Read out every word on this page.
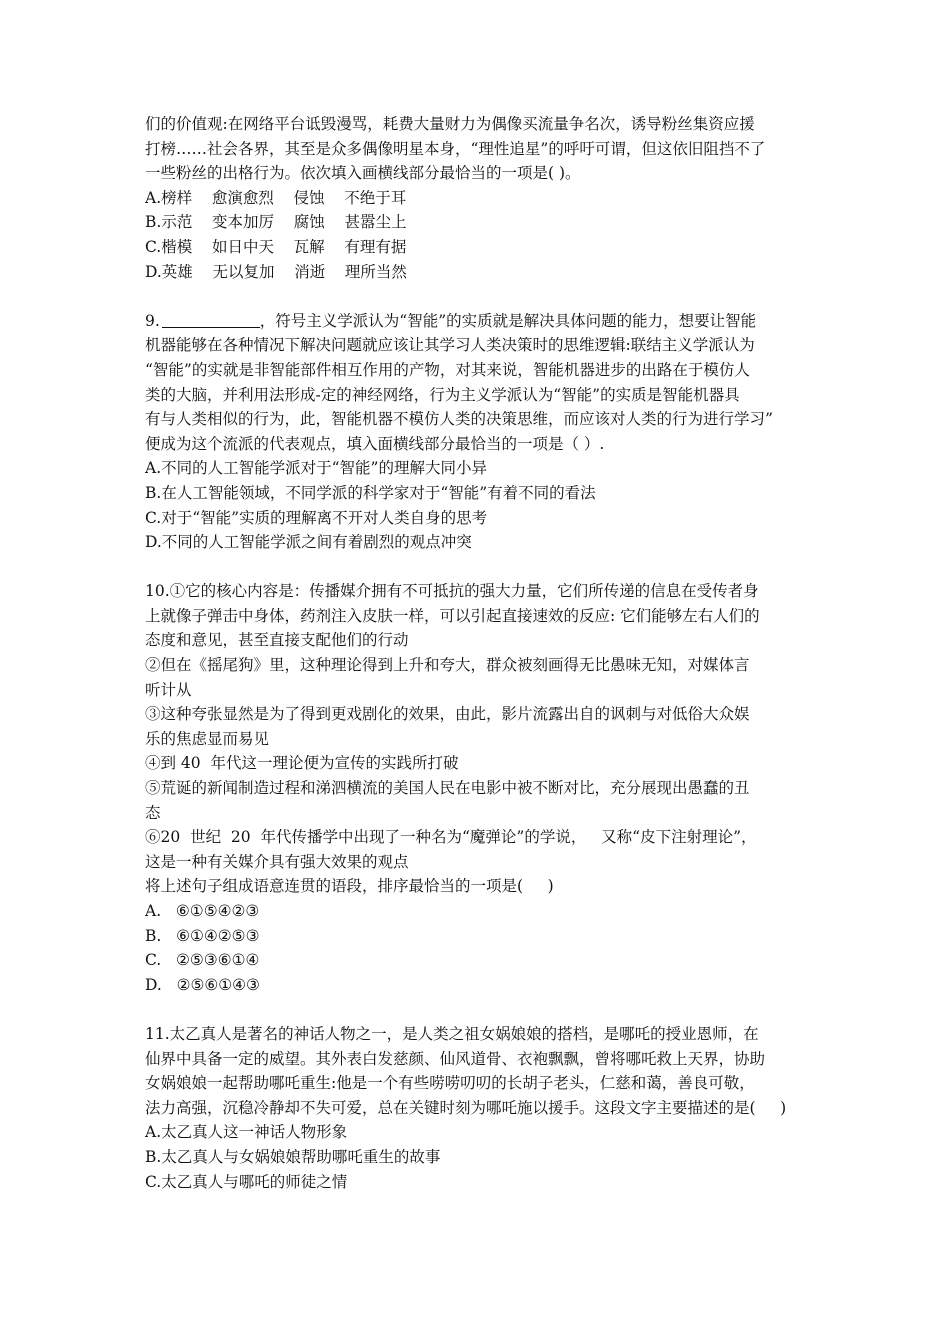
们的价值观:在网络平台诋毁漫骂，耗费大量财力为偶像买流量争名次，诱导粉丝集资应援

打榜……社会各界，其至是众多偶像明星本身，“理性追星”的呼吁可谓，但这依旧阻挡不了

一些粉丝的出格行为。依次填入画横线部分最恰当的一项是( )。

A.榜样    愈演愈烈    侵蚀    不绝于耳

B.示范    变本加厉    腐蚀    甚嚣尘上

C.楷模    如日中天    瓦解    有理有据

D.英雄    无以复加    消逝    理所当然

9.	，符号主义学派认为“智能”的实质就是解决具体问题的能力，想要让智能

机器能够在各种情况下解决问题就应该让其学习人类决策时的思维逻辑:联结主义学派认为

“智能”的实就是非智能部件相互作用的产物，对其来说，智能机器进步的出路在于模仿人

类的大脑，并利用法形成-定的神经网络，行为主义学派认为“智能”的实质是智能机器具

有与人类相似的行为，此，智能机器不模仿人类的决策思维，而应该对人类的行为进行学习”

便成为这个流派的代表观点，填入面横线部分最恰当的一项是（ ）.

A.不同的人工智能学派对于“智能”的理解大同小异

B.在人工智能领域，不同学派的科学家对于“智能”有着不同的看法

C.对于“智能”实质的理解离不开对人类自身的思考

D.不同的人工智能学派之间有着剧烈的观点冲突

10.①它的核心内容是：传播媒介拥有不可抵抗的强大力量，它们所传递的信息在受传者身

上就像子弹击中身体，药剂注入皮肤一样，可以引起直接速效的反应: 它们能够左右人们的

态度和意见，甚至直接支配他们的行动

②但在《摇尾狗》里，这种理论得到上升和夸大，群众被刻画得无比愚味无知，对媒体言

听计从

③这种夸张显然是为了得到更戏剧化的效果，由此，影片流露出自的讽刺与对低俗大众娱

乐的焦虑显而易见

④到 40  年代这一理论便为宣传的实践所打破

⑤荒诞的新闻制造过程和涕泗横流的美国人民在电影中被不断对比，充分展现出愚蠢的丑

态

⑥20  世纪  20  年代传播学中出现了一种名为“魔弹论”的学说，   又称“皮下注射理论”，

这是一种有关媒介具有强大效果的观点

将上述句子组成语意连贯的语段，排序最恰当的一项是(     )

A.   ⑥①⑤④②③

B.   ⑥①④②⑤③

C.   ②⑤③⑥①④

D.   ②⑤⑥①④③

11.太乙真人是著名的神话人物之一，是人类之祖女娲娘娘的搭档，是哪吒的授业恩师，在

仙界中具备一定的威望。其外表白发慈颜、仙风道骨、衣袍飘飘，曾将哪吒救上天界，协助

女娲娘娘一起帮助哪吒重生:他是一个有些唠唠叨叨的长胡子老头，仁慈和蔼，善良可敬，

法力高强，沉稳冷静却不失可爱，总在关键时刻为哪吒施以援手。这段文字主要描述的是(     )

A.太乙真人这一神话人物形象

B.太乙真人与女娲娘娘帮助哪吒重生的故事

C.太乙真人与哪吒的师徒之情
